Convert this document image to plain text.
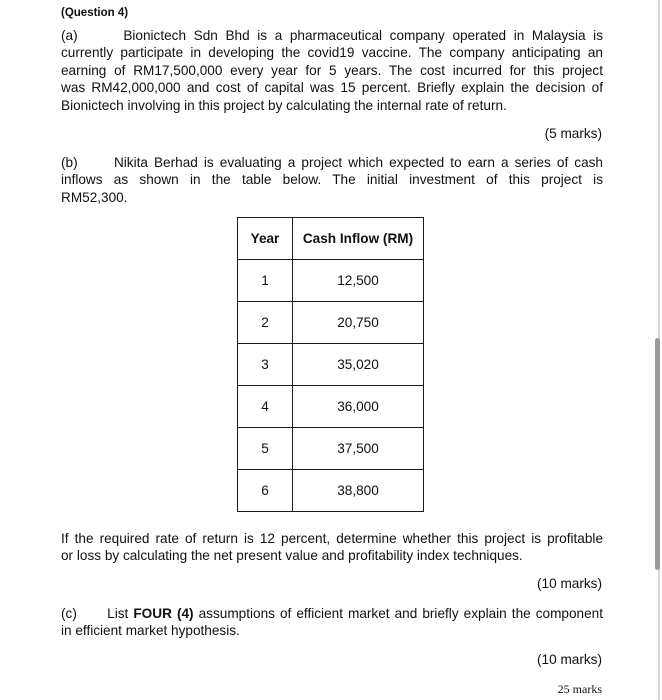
(Question 4)
(a)      Bionictech Sdn Bhd is a pharmaceutical company operated in Malaysia is
currently participate in developing the covid19 vaccine. The company anticipating an
earning of RM17,500,000 every year for 5 years. The cost incurred for this project
was RM42,000,000 and cost of capital was 15 percent. Briefly explain the decision of
Bionictech involving in this project by calculating the internal rate of return.
(5 marks)
(b)      Nikita Berhad is evaluating a project which expected to earn a series of cash
inflows as shown in the table below. The initial investment of this project is
RM52,300.
Year	Cash Inflow (RM)
1	12,500
2	20,750
3	35,020
4	36,000
5	37,500
6	38,800
If the required rate of return is 12 percent, determine whether this project is profitable
or loss by calculating the net present value and profitability index techniques.
(10 marks)
(c)      List FOUR (4) assumptions of efficient market and briefly explain the component
in efficient market hypothesis.
(10 marks)
25 marks
